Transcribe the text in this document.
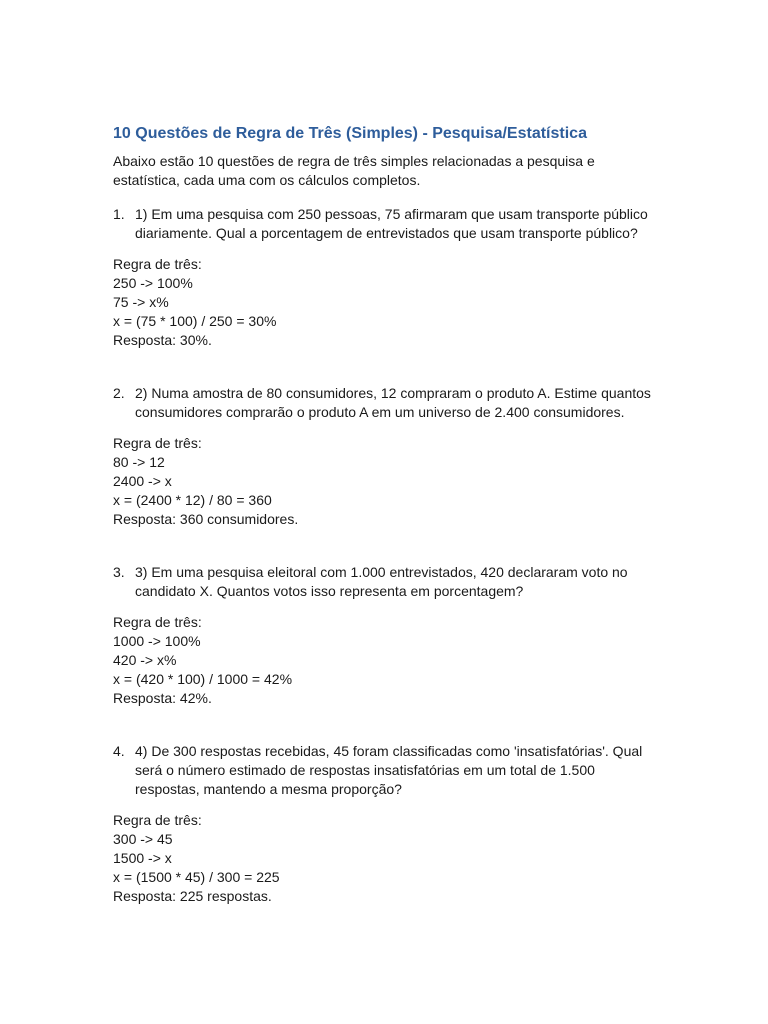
10 Questões de Regra de Três (Simples) - Pesquisa/Estatística

Abaixo estão 10 questões de regra de três simples relacionadas a pesquisa e estatística, cada uma com os cálculos completos.

1. 1) Em uma pesquisa com 250 pessoas, 75 afirmaram que usam transporte público diariamente. Qual a porcentagem de entrevistados que usam transporte público?
Regra de três:
250 -> 100%
75 -> x%
x = (75 * 100) / 250 = 30%
Resposta: 30%.
2. 2) Numa amostra de 80 consumidores, 12 compraram o produto A. Estime quantos consumidores comprarão o produto A em um universo de 2.400 consumidores.
Regra de três:
80 -> 12
2400 -> x
x = (2400 * 12) / 80 = 360
Resposta: 360 consumidores.
3. 3) Em uma pesquisa eleitoral com 1.000 entrevistados, 420 declararam voto no candidato X. Quantos votos isso representa em porcentagem?
Regra de três:
1000 -> 100%
420 -> x%
x = (420 * 100) / 1000 = 42%
Resposta: 42%.
4. 4) De 300 respostas recebidas, 45 foram classificadas como 'insatisfatórias'. Qual será o número estimado de respostas insatisfatórias em um total de 1.500 respostas, mantendo a mesma proporção?
Regra de três:
300 -> 45
1500 -> x
x = (1500 * 45) / 300 = 225
Resposta: 225 respostas.
